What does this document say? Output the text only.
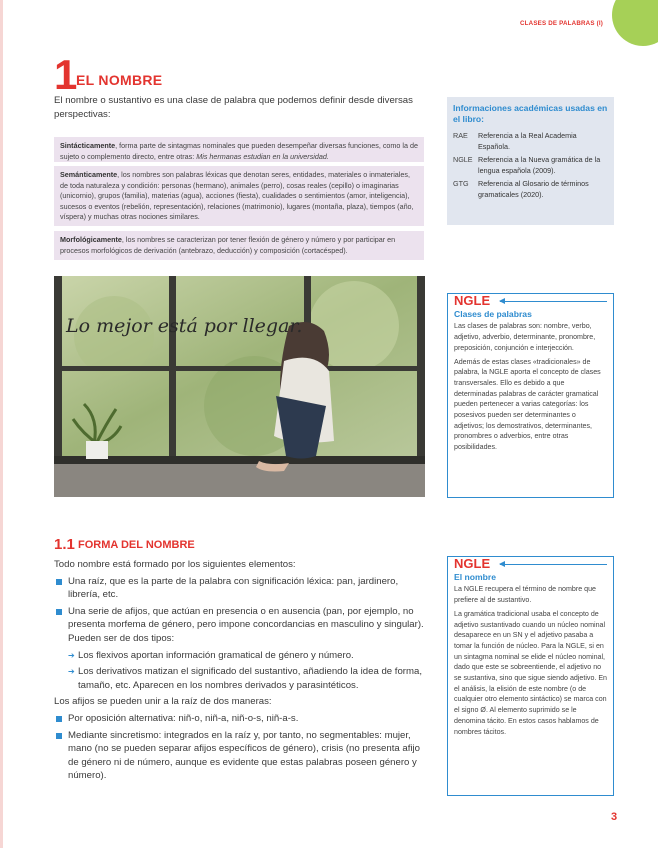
CLASES DE PALABRAS (I)
1
EL NOMBRE
El nombre o sustantivo es una clase de palabra que podemos definir desde diversas perspectivas:
Sintácticamente, forma parte de sintagmas nominales que pueden desempeñar diversas funciones, como la de sujeto o complemento directo, entre otras: Mis hermanas estudian en la universidad.
Semánticamente, los nombres son palabras léxicas que denotan seres, entidades, materiales o inmateriales, de toda naturaleza y condición: personas (hermano), animales (perro), cosas reales (cepillo) o imaginarias (unicornio), grupos (familia), materias (agua), acciones (fiesta), cualidades o sentimientos (amor, inteligencia), sucesos o eventos (rebelión, representación), relaciones (matrimonio), lugares (montaña, plaza), tiempos (año, víspera) y muchas otras nociones similares.
Morfológicamente, los nombres se caracterizan por tener flexión de género y número y por participar en procesos morfológicos de derivación (antebrazo, deducción) y composición (cortacésped).
Informaciones académicas usadas en el libro:
RAE	Referencia a la Real Academia Española.
NGLE Referencia a la Nueva gramática de la lengua española (2009).
GTG	Referencia al Glosario de términos gramaticales (2020).
Lo mejor está por llegar.
NGLE
Clases de palabras

Las clases de palabras son: nombre, verbo, adjetivo, adverbio, determinante, pronombre, preposición, conjunción e interjección.

Además de estas clases «tradicionales» de palabra, la NGLE aporta el concepto de clases transversales. Ello es debido a que determinadas palabras de carácter gramatical pueden pertenecer a varias categorías: los posesivos pueden ser determinantes o adjetivos; los demostrativos, determinantes, pronombres o adverbios, entre otras posibilidades.

1.1 FORMA DEL NOMBRE

Todo nombre está formado por los siguientes elementos:

Una raíz, que es la parte de la palabra con significación léxica: pan, jardinero, librería, etc.

Una serie de afijos, que actúan en presencia o en ausencia (pan, por ejemplo, no presenta morfema de género, pero impone concordancias en masculino y singular). Pueden ser de dos tipos:

➔ Los flexivos aportan información gramatical de género y número.
➔ Los derivativos matizan el significado del sustantivo, añadiendo la idea de forma, tamaño, etc. Aparecen en los nombres derivados y parasintéticos.

Los afijos se pueden unir a la raíz de dos maneras:

Por oposición alternativa: niñ-o, niñ-a, niñ-o-s, niñ-a-s.

Mediante sincretismo: integrados en la raíz y, por tanto, no segmentables: mujer, mano (no se pueden separar afijos específicos de género), crisis (no presenta afijo de género ni de número, aunque es evidente que estas palabras poseen género y número).

NGLE
El nombre

La NGLE recupera el término de nombre que prefiere al de sustantivo.

La gramática tradicional usaba el concepto de adjetivo sustantivado cuando un núcleo nominal desaparece en un SN y el adjetivo pasaba a tomar la función de núcleo. Para la NGLE, si en un sintagma nominal se elide el núcleo nominal, dado que este se sobreentiende, el adjetivo no se sustantiva, sino que sigue siendo adjetivo. En el análisis, la elisión de este nombre (o de cualquier otro elemento sintáctico) se marca con el signo Ø. Al elemento suprimido se le denomina tácito. En estos casos hablamos de nombres tácitos.

3
